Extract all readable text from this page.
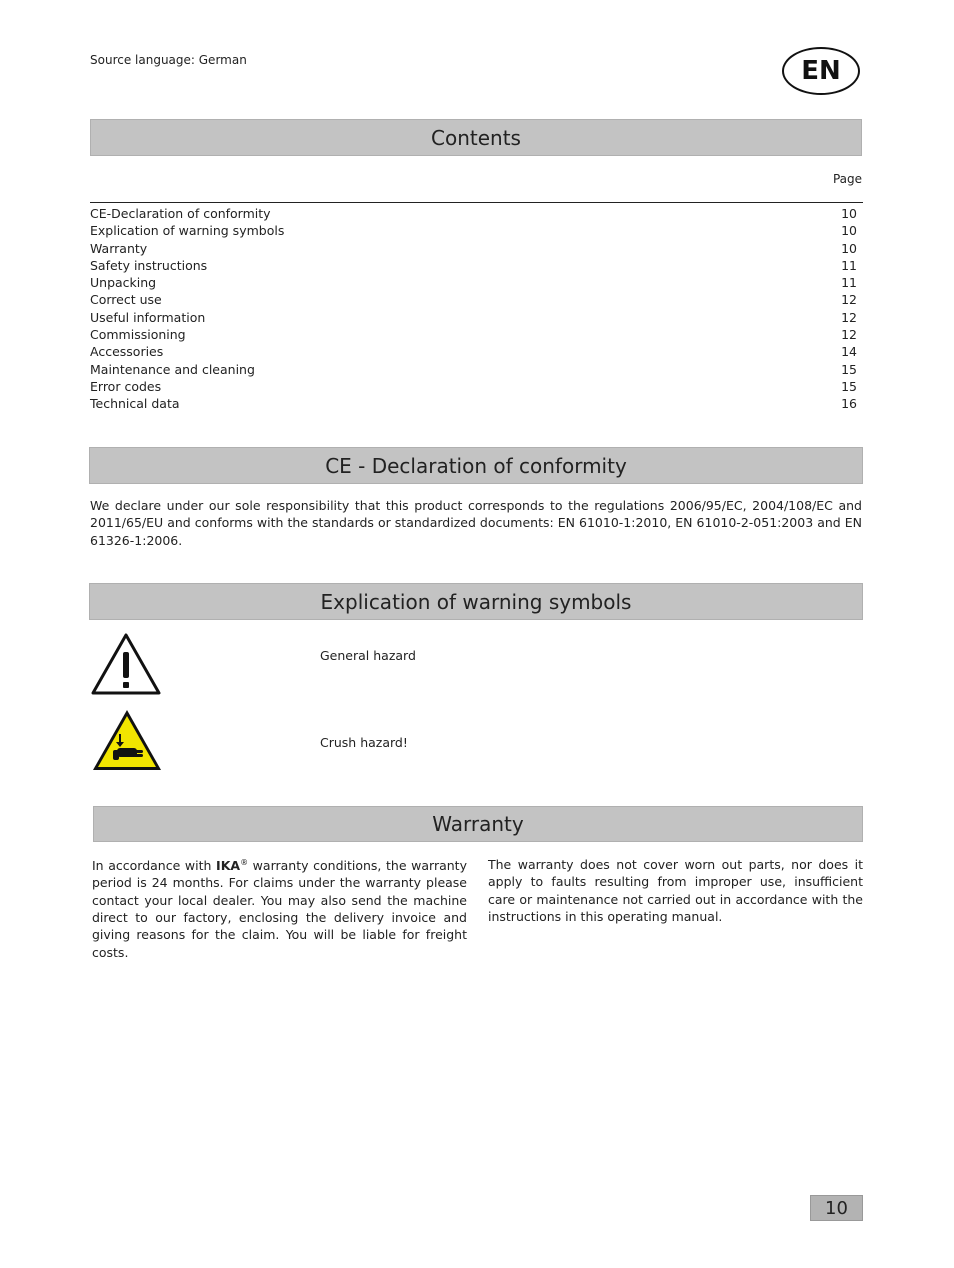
Source language: German	EN
Contents
Page
CE-Declaration of conformity	10
Explication of warning symbols	10
Warranty	10
Safety instructions	11
Unpacking	11
Correct use	12
Useful information	12
Commissioning	12
Accessories	14
Maintenance and cleaning	15
Error codes	15
Technical data	16
CE - Declaration of conformity
We declare under our sole responsibility that this product corresponds to the regulations 2006/95/EC, 2004/108/EC and 2011/65/EU and conforms with the standards or standardized documents: EN 61010-1:2010, EN 61010-2-051:2003 and EN 61326-1:2006.
Explication of warning symbols
General hazard
Crush hazard!
Warranty
In accordance with IKA® warranty conditions, the warranty period is 24 months. For claims under the warranty please contact your local dealer. You may also send the machine direct to our factory, enclosing the delivery invoice and giving reasons for the claim. You will be liable for freight costs.
The warranty does not cover worn out parts, nor does it apply to faults resulting from improper use, insufficient care or maintenance not carried out in accordance with the instructions in this operating manual.
10
